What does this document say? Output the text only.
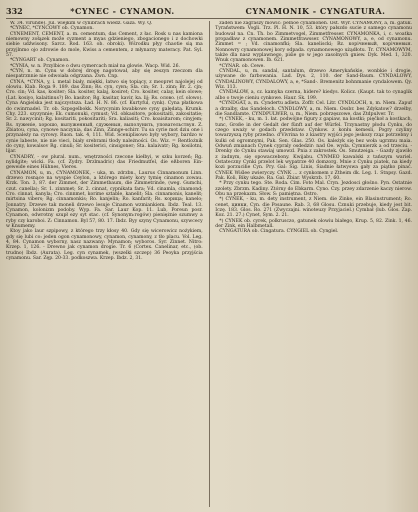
332	*CYNEC - CYNAMON.	CYNAMONIK - CYNGATURA.

W. 34. virunde). Jul. wiejkim w cynibrach wiedz. Gaza. Wy. Q.

*CYNEC, *CYNCOWY ob. Cynamon.

CYNEMENT, CEMENT, a. m. cementum, das Cement, z łac. Rosk u nas kamiona niemowny zołązek može cyzment a myas gdzieniego, zbogacionego i z dochowki siebie udźwisony. Sarcz. Rod. 163. ob. obroki). Wśrodku płyy chaotie sią ma przyjlnmo ojo zdrowie do mole, Kwiss a cementem, z młynarzy materacy. Pat. Syl. 57.

*CYNGART ob. Cynamon.

*CYNIA, w. n. Przylbice o dwu cymercach miał na glowie. Wacp. Wid. 26.

*CYN, n. m. Cynu w dobrej drogę nagotował, aby się zeszyn rzeczom dla niespatrznnie nie odwoiała odgrzana. Zwn. Cnp.

CYNA, *CYNA, y, i. metal biały, miękki, łatwo się topiący, z meopret najolejej od olowiu. Klab. Roga 9. 189. das Zinn; Rs. cyn, сyнъ; Sla. cin; Sr. 1. zinn; Br. 2. cjn; Cro. cin; Vd. kas, kositer; Sla. kositer, kalaj, kosiret; Cro. kositer, calay, kein olowe; (Lat. kosiyo, kalaitinus?) Bo. kasitor; Rg. kasitar, kavir, ka. lij; Rs. олово. (cf. olowo). Cyna Angielska jest najczystsza. Ład. H. N. 86. (cf. Kurtyful, cynk). Cyna płatkowa do cwinrnadel. Tr. ob. Szpogelbokk. Norycynim kwabkowe cyny galędatą. Krumk. Chy. 223. szyzynnie; Ek. cumonuki, cymust; Vd. obkasitore, pokositaiti, zakositatie; Sr. 2. nawycinit; Rg. kositariti, pokositariti; Sra. kaliasiti; Cro. koaisitarom; cinyjem; Rs. луженіе, хорошо, вылуженный, сдуженыя, выполунить, уповательствуя. Z. Zbiatou, cyna, cynowe naczynia, das Zinn, Zinnge-schirr. Tu sa cyrie mot dziu one i przynależy na cyrowy. Ruon. tak. 4, 111. Wid. Sceniplisowo były wybory, bardzo w cynie labeste, nie nie vieci, biały srebrami tłody należności. Os. Wiz. = Rentlożnik do cyny, kowalsov Rg. cinuli; Sr. kositerici, cinsigoner; Sta. kalaivatr; Rg. kosilotni, lijar.

CYNADRY, - ow plural. num., wnętrzności rzecone kiełbyi, w szku korzeń; Rg. nylidgite; wicki. Fa. (cf. Zydry. Drzlmadric) das Friedmutfel, die eßboren Ein-geweide eines Hühnes, Vieres.

CYNAMON, u, m., CYNAMONEK, - uka, m. zdrzbn., Laurus Cinnamonum Linn. drzewo rosnące na wyspie Ceylon, a którego miety kory tymię cinamon zowau. Krzk. Ton. 3, 87. der Zimmet, der Zimmetbaum, die Zimmetrinde, (weg. Gumchi, czut. canella); Sr. 1. zinnmet; Sr. 2. cinnat, cypnikata fara; Vd. cinamla, cinamond; Cro. cinnat, kanyla; Cro. cinnmet, korime sztable, kanelit; Sla. cinnamonis, kanelit; mirtsina vibers; Rg. cinnamonkis; Ro. kanjelin; Ro. kanfarit; Rs. корица; kanelo; Jonnatry. Drzewe tak moneli drzewo lesuje Cinamon wzmiankiem. Ibdz. Teal. 13. Cynamon, kolonizm podoby. Wyp. Fa. Sar. Laur Kop. 11. Lub, Poreun posr. Cynamon, odwrotny szupł ezy syt stac. (cf. Synonym:rogów) pieniężnie szumwy a ryby czy karoboi. Z: Cinnamon. Byl 57, 80. 17. Ibdz. Byy szyny Cynamonu, szywcecy w Knumemy.

Ktoy jako laur szpipowy, z którego trzy kłosy 40. Gdy się wicerowicz nożykiem, gdy się lubi co: jeden ogon cynamonowy, cynamon, cynamony, z tło placu. Vol. Leg. 4, 84. Cynamon wyborny, nasz nazwany: Mynamon; wyboros. Syr. Zinnet. Nitro: Krzep. 1, 126. - Drewno jak cynamon drogie. Tr. 6 (Cortex. Canelinar, etc., (ob. trudno) Ibdz. (Aurata). Leg. cyn cynamek, (wszelki szczep) 36 Peoyka przyjścia cynamonu. Sar. Zęp. 20-33. podkoszwa. Krzep. Ibdz. 2, 31.

żaden nie zagraszy mówić: pelnoe cynamonen. Ost. Wyr. CYNAMONY, a, m. gatuk. Tyraństwem: Vogli. Trz. Pl. H. N. 10, 53. który pałszdo sucie z samego cynamonu budował na. Cn. Th. bo Zimmetvogel, Zimmetfresser. CYNAMONKA, i, c. woatka propadław z cynamonem. Zimmetfrawsser. CYNAMONOWY, a, e, od cynamonu. Zimmet = ; Vd. cinamonfki; Sla. kaneliscki; Rz. корiчневый, корiчневыя. Nonnowry cynamonowej kory odpada. cynamonowego użądłotu. Tr. CYNAMOWYM, także dla nasz wyplawnego, piśie go w jego zasolnych gniew. Dyk. Med. 1, 320. Wnuk cynamonowen. Ib. 621.

*CYNAR. ob. Cewe.

CYNDAL, u, m. sandal, santalum, drzewo Amerykańskie, wonbkie i drogie, używane do farbowania. Lad. Dys. 2, 110. der Sand-Baum. CYNDALOWY, CYNDALINOWY, CYNDALOWY, a, e, *Sand-. Bremenitz bohnmanie cyndalowem. Qy. Wiz. 113.

CYNDALOW, a, cz. kamyka czerna, hidere? kiedys. Kolicz. (Kaupt. tak to cynaglik albo o twoje cieniu cynkowe. Haur. Sk. 199.

*CYNDGAT, a, m. Cyndertu adleta. Zoffr. Cel. Litr. CYNDLOCH, n, m. Niem. Zapuf a drzalby, das Sandeloch. CYNDLOWY, a, m. Niem. Ossbr. bes Zdykatow? drzełby, die Sandlamte. CYNDPULWER, u, m., Niem. pobrzęszowe, das Ztdpulver. Tr.

*) CYNEK, - ku, m. 1. łat. podwójne figury z gapiaw, na kostki; pięćkoł a kostkach, tunc, Große in der Gedalt der fünft auf der Würfel. Trzynastny płodu Cynku, do czego uważy w godach przedstaw. Cynkow. z konłu kemesli, Pogry czyliny towarzyszą ryby przedno. d'Vivrina to z kiastry wyjści jego jeskozy rząz potrzebny i kulki od ogromnymi, Pak. Sen. Glas. 250. Os. kależyk się bez woła ugrzmu maia. Odwuń zmianach Cynek cypraly osdedzir: nad Oe. wyda. Cymnierzk a od trzeciu. - Drenky do Cynku stawiaj umowzl. Pnia z zakrostek. Os. Smutzeiga. - Gazdy zjawiło z żadnym, się opowaczebony. Kwijabu. CYNMEO kawalski z tańszym wariel. Ostateczny Cynki przelot lek wypatrze 40 domzorg. Mnie z Cynku piatek, na kiedy kozi porzuciłie Cyn. Pry. Gal: Sig. Linis, Siadnie łatwyswa gały za piątko pinać. CYNEK Wiślee zwieryczy. CYNK ... z cynkomem z Ztheim dk. Leg. 1. Stnpsy. Gazd. Pak. Koli, Biky ukaże. Ra. Gal. Zbiar. Wyskrzb. 17, 60.

* Przy cynku tego. Ste. Roda. Cim. Foto Mal. Cryn. Jezdosci głośno. Pyn. Ostatnie zzolety. Zbrzm. Kadiny. Ztórny do Ebkarm. Cyno. Czy. przey zdarzenie kaczy nierow. Obu na przekazm. Słow. S: pamiętna. Ostro.

*) CYNEK, - ku, m. dety instrument, z Niem. die Zinke, ein Blasinstrument; Ro. cenet, цинки, Cyn. die Posaune. Rab. 3, 68 Glosu. Cznuki przebuje, kiedy jest bit. Iczę. 183. Glos. Ro. 271 (Zwyczajni. winoteuzy Przyjaciel.) Cymbał (lub. Glos. Zap. Koz. 21. 27.) Cynet, Sym. 2. 21.

*) CYNEK ob. cyrek, polkrusczo, gatunek olowiu białego, Krup. 5, 82. Zink. 1, 46. der Zink, ein Halbmetall.

CYNGATURA ob. Cingatura. CYNGIEL ob. Cyngiel.
